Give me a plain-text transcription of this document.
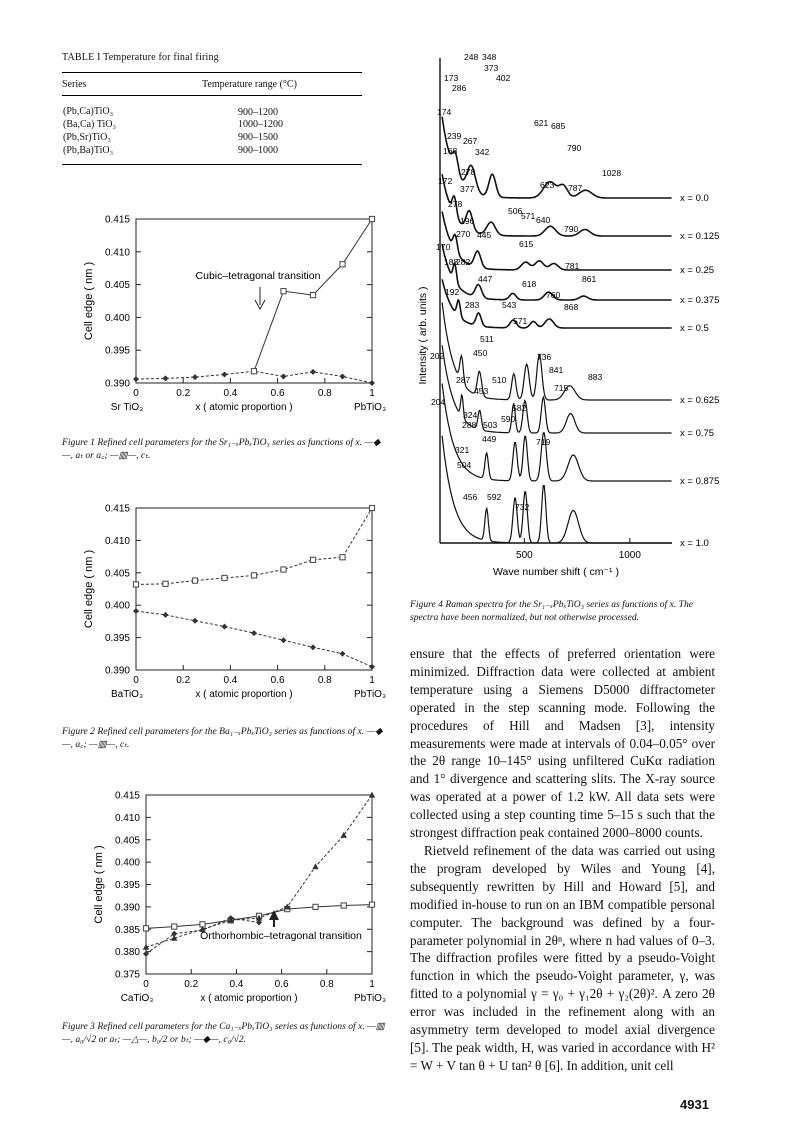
TABLE I Temperature for final firing
Series	Temperature range (°C)
(Pb,Ca)TiO₃	900–1200
(Ba,Ca) TiO₃	1000–1200
(Pb,Sr)TiO₃	900–1500
(Pb,Ba)TiO₃	900–1000
0.390
0.395
0.400
0.405
0.410
0.415
0	0.2	0.4	0.6	0.8	1
Sr TiO₃	PbTiO₃
x ( atomic proportion )
Cell edge ( nm )	Cubic–tetragonal transition
Figure 1 Refined cell parameters for the Sr₁₋ₓPbₓTiO₃ series as functions of x. —◆—, aₜ or a꜀; —▥—, cₜ.
0.390
0.395
0.400
0.405
0.410
0.415
0	0.2	0.4	0.6	0.8	1
BaTiO₃	PbTiO₃
x ( atomic proportion )
Cell edge ( nm )
Figure 2 Refined cell parameters for the Ba₁₋ₓPbₓTiO₃ series as functions of x. —◆—, a꜀; —▥—, cₜ.
0.375
0.380
0.385
0.390
0.395
0.400
0.405
0.410
0.415
0	0.2	0.4	0.6	0.8	1
CaTiO₃	PbTiO₃
x ( atomic proportion )
Cell edge ( nm )
Orthorhombic–tetragonal transition
Figure 3 Refined cell parameters for the Ca₁₋ₓPbₓTiO₃ series as functions of x. —▥—, a₀/√2 or aₜ; —△—, b₀/2 or bₜ; —◆—, c₀/√2.
500	1000
Wave number shift ( cm⁻¹ )
Intensity ( arb. units )
x = 0.0
x = 0.125
x = 0.25
x = 0.375
x = 0.5
x = 0.625
x = 0.75
x = 0.875
x = 1.0
248 348
373
402
173
286
174
621 685
239 267
168 342	790
278	1028
172	623 787
377
278
506
571 640
196
790
270 445
615
170
188
282	781
447	861
618
192	760
543
283	868
571
511
450
202	736
841
287	510	883
453	715
204
582
324
288 503
590
449	719
321
504
456 592
732
Figure 4 Raman spectra for the Sr₁₋ₓPbₓTiO₃ series as functions of x. The spectra have been normalized, but not otherwise processed.

ensure that the effects of preferred orientation were minimized. Diffraction data were collected at ambient temperature using a Siemens D5000 diffractometer operated in the step scanning mode. Following the procedures of Hill and Madsen [3], intensity measurements were made at intervals of 0.04–0.05° over the 2θ range 10–145° using unfiltered CuKα radiation and 1° divergence and scattering slits. The X-ray source was operated at a power of 1.2 kW. All data sets were collected using a step counting time 5–15 s such that the strongest diffraction peak contained 2000–8000 counts.

Rietveld refinement of the data was carried out using the program developed by Wiles and Young [4], subsequently rewritten by Hill and Howard [5], and modified in-house to run on an IBM compatible personal computer. The background was defined by a four-parameter polynomial in 2θⁿ, where n had values of 0–3. The diffraction profiles were fitted by a pseudo-Voight function in which the pseudo-Voight parameter, γ, was fitted to a polynomial γ = γ₀ + γ₁2θ + γ₂(2θ)². A zero 2θ error was included in the refinement along with an asymmetry term developed to model axial divergence [5]. The peak width, H, was varied in accordance with H² = W + V tan θ + U tan² θ [6]. In addition, unit cell

4931
